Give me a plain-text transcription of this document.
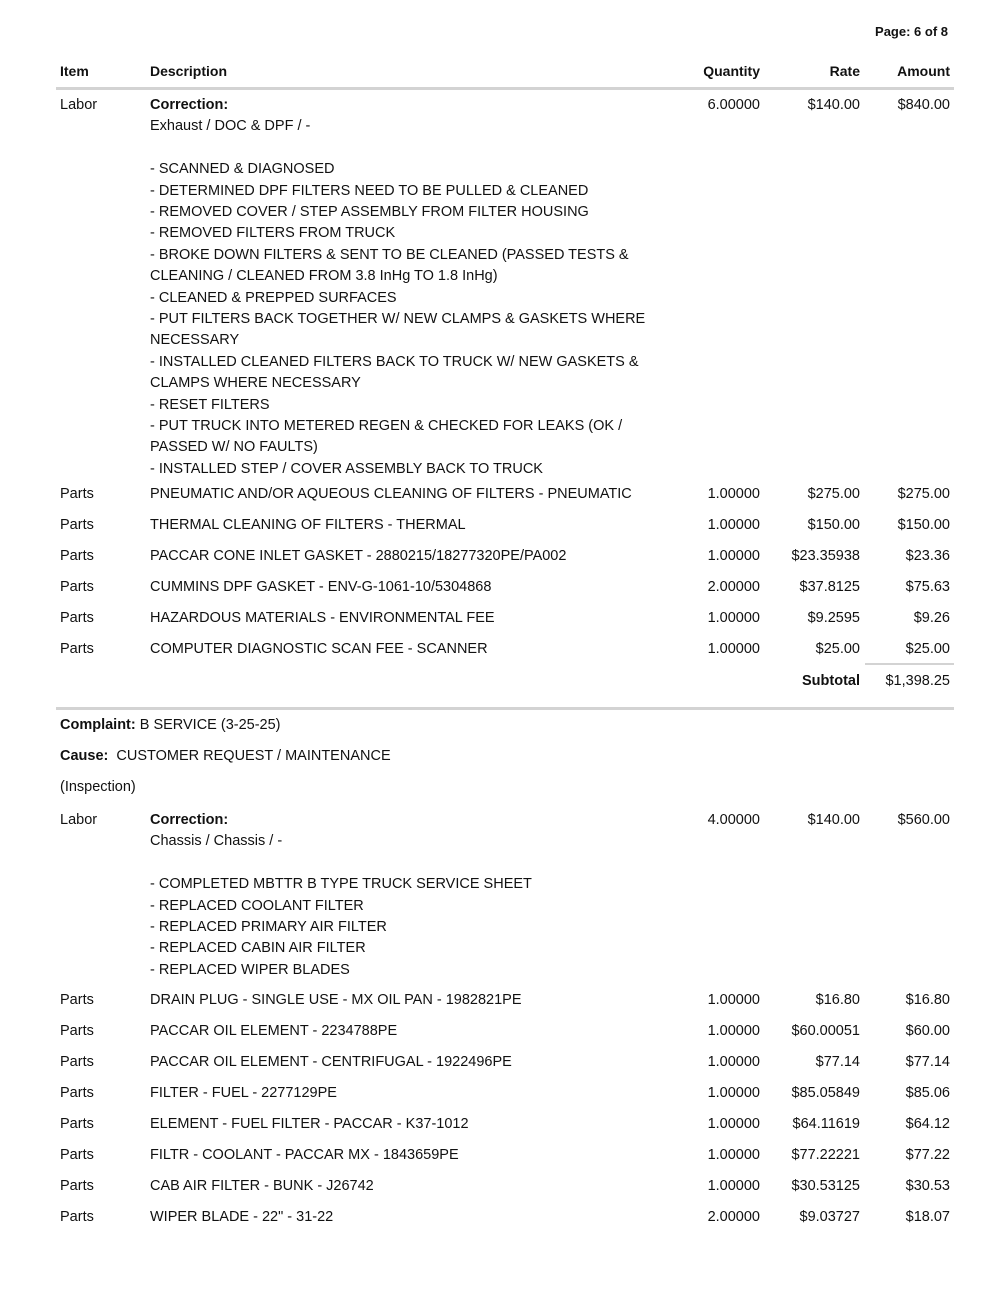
Page: 6 of 8
Item	Description	Quantity	Rate	Amount
Labor	Correction:
Exhaust / DOC & DPF / -
- SCANNED & DIAGNOSED
- DETERMINED DPF FILTERS NEED TO BE PULLED & CLEANED
- REMOVED COVER / STEP ASSEMBLY FROM FILTER HOUSING
- REMOVED FILTERS FROM TRUCK
- BROKE DOWN FILTERS & SENT TO BE CLEANED (PASSED TESTS &
CLEANING / CLEANED FROM 3.8 InHg TO 1.8 InHg)
- CLEANED & PREPPED SURFACES
- PUT FILTERS BACK TOGETHER W/ NEW CLAMPS & GASKETS WHERE
NECESSARY
- INSTALLED CLEANED FILTERS BACK TO TRUCK W/ NEW GASKETS &
CLAMPS WHERE NECESSARY
- RESET FILTERS
- PUT TRUCK INTO METERED REGEN & CHECKED FOR LEAKS (OK /
PASSED W/ NO FAULTS)
- INSTALLED STEP / COVER ASSEMBLY BACK TO TRUCK
6.00000	$140.00	$840.00
Parts	PNEUMATIC AND/OR AQUEOUS CLEANING OF FILTERS - PNEUMATIC	1.00000	$275.00	$275.00
Parts	THERMAL CLEANING OF FILTERS - THERMAL	1.00000	$150.00	$150.00
Parts	PACCAR CONE INLET GASKET - 2880215/18277320PE/PA002	1.00000 $23.35938	$23.36
Parts	CUMMINS DPF GASKET - ENV-G-1061-10/5304868	2.00000	$37.8125	$75.63
Parts	HAZARDOUS MATERIALS - ENVIRONMENTAL FEE	1.00000	$9.2595	$9.26
Parts	COMPUTER DIAGNOSTIC SCAN FEE - SCANNER	1.00000	$25.00	$25.00
Subtotal $1,398.25
Complaint: B SERVICE (3-25-25)
Cause: CUSTOMER REQUEST / MAINTENANCE
(Inspection)
Labor	Correction:
Chassis / Chassis / -
- COMPLETED MBTTR B TYPE TRUCK SERVICE SHEET
- REPLACED COOLANT FILTER
- REPLACED PRIMARY AIR FILTER
- REPLACED CABIN AIR FILTER
- REPLACED WIPER BLADES
4.00000	$140.00	$560.00
Parts	DRAIN PLUG - SINGLE USE - MX OIL PAN - 1982821PE	1.00000	$16.80	$16.80
Parts	PACCAR OIL ELEMENT - 2234788PE	1.00000 $60.00051	$60.00
Parts	PACCAR OIL ELEMENT - CENTRIFUGAL - 1922496PE	1.00000	$77.14	$77.14
Parts	FILTER - FUEL - 2277129PE	1.00000 $85.05849	$85.06
Parts	ELEMENT - FUEL FILTER - PACCAR - K37-1012	1.00000 $64.11619	$64.12
Parts	FILTR - COOLANT - PACCAR MX - 1843659PE	1.00000 $77.22221	$77.22
Parts	CAB AIR FILTER - BUNK - J26742	1.00000 $30.53125	$30.53
Parts	WIPER BLADE - 22" - 31-22	2.00000	$9.03727	$18.07
